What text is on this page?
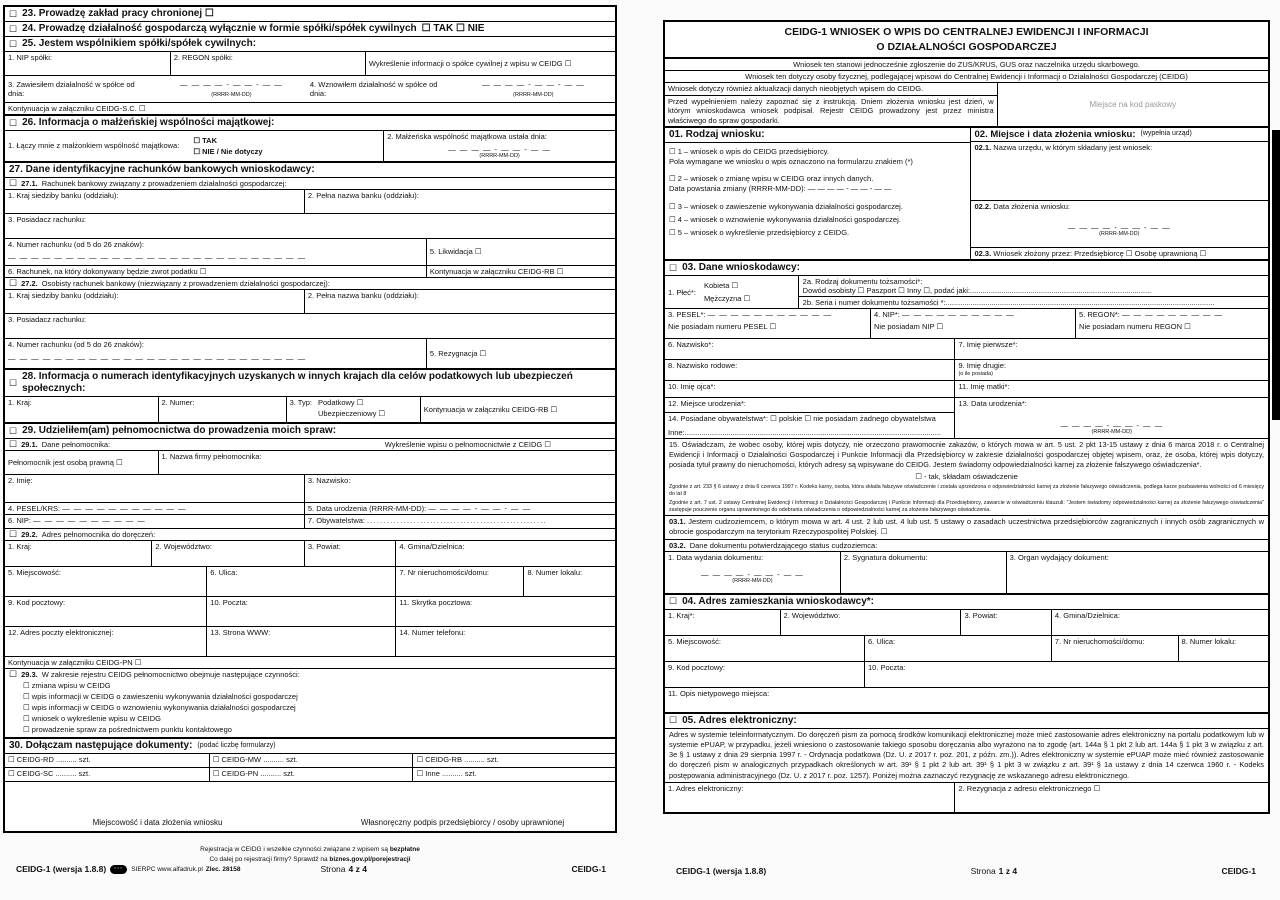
☐ 23. Prowadzę zakład pracy chronionej ☐
☐ 24. Prowadzę działalność gospodarczą wyłącznie w formie spółki/spółek cywilnych ☐ TAK ☐ NIE
☐ 25. Jestem wspólnikiem spółki/spółek cywilnych:
1. NIP spółki:	2. REGON spółki:
Wykreślenie informacji o spółce cywilnej z wpisu w CEIDG ☐
3. Zawiesiłem działalność w spółce od dnia:
— — — — - — — - — —
(RRRR-MM-DD)
4. Wznowiłem działalność w spółce od dnia:
— — — — - — — - — —
(RRRR-MM-DD)
Kontynuacja w załączniku CEIDG-S.C. ☐
☐ 26. Informacja o małżeńskiej wspólności majątkowej:
1. Łączy mnie z małżonkiem wspólność majątkowa:
☐ TAK
☐ NIE / Nie dotyczy
2. Małżeńska wspólność majątkowa ustała dnia:
— — — — - — — - — —
(RRRR-MM-DD)
27. Dane identyfikacyjne rachunków bankowych wnioskodawcy:
☐ 27.1. Rachunek bankowy związany z prowadzeniem działalności gospodarczej:
1. Kraj siedziby banku (oddziału):	2. Pełna nazwa banku (oddziału):
3. Posiadacz rachunku:
4. Numer rachunku (od 5 do 26 znaków):
— — — — — — — — — — — — — — — — — — — — — — — — — —
5. Likwidacja ☐
6. Rachunek, na który dokonywany będzie zwrot podatku ☐	Kontynuacja w załączniku CEIDG-RB ☐
☐ 27.2. Osobisty rachunek bankowy (niezwiązany z prowadzeniem działalności gospodarczej):
1. Kraj siedziby banku (oddziału):	2. Pełna nazwa banku (oddziału):
3. Posiadacz rachunku:
4. Numer rachunku (od 5 do 26 znaków):
— — — — — — — — — — — — — — — — — — — — — — — — — —
5. Rezygnacja ☐
☐
28. Informacja o numerach identyfikacyjnych uzyskanych w innych krajach dla celów podatkowych lub ubezpieczeń społecznych:
1. Kraj:	2. Numer:	3. Typ: Podatkowy ☐
Ubezpieczeniowy ☐
Kontynuacja w załączniku CEIDG-RB ☐
☐ 29. Udzieliłem(am) pełnomocnictwa do prowadzenia moich spraw:
☐ 29.1. Dane pełnomocnika:	Wykreślenie wpisu o pełnomocnictwie z CEIDG ☐
Pełnomocnik jest osobą prawną ☐
1. Nazwa firmy pełnomocnika:
2. Imię:	3. Nazwisko:
4. PESEL/KRS: — — — — — — — — — — —	5. Data urodzenia (RRRR-MM-DD): — — — — - — — - — —
6. NIP: — — — — — — — — — —	7. Obywatelstwa: . . . . . . . . . . . . . . . . . . . . . . . . . . . . . . . . . . . . . . . . . . . . . . . . . . . . . .
☐ 29.2. Adres pełnomocnika do doręczeń:
1. Kraj:	2. Województwo:	3. Powiat:	4. Gmina/Dzielnica:
5. Miejscowość:	6. Ulica:	7. Nr nieruchomości/domu:	8. Numer lokalu:
9. Kod pocztowy:	10. Poczta:	11. Skrytka pocztowa:
12. Adres poczty elektronicznej:	13. Strona WWW:	14. Numer telefonu:
Kontynuacja w załączniku CEIDG-PN ☐
☐ 29.3. W zakresie rejestru CEIDG pełnomocnictwo obejmuje następujące czynności:
☐ zmiana wpisu w CEIDG
☐ wpis informacji w CEIDG o zawieszeniu wykonywania działalności gospodarczej
☐ wpis informacji w CEIDG o wznowieniu wykonywania działalności gospodarczej
☐ wniosek o wykreślenie wpisu w CEIDG
☐ prowadzenie spraw za pośrednictwem punktu kontaktowego
30. Dołączam następujące dokumenty: (podać liczbę formularzy)
☐ CEIDG-RD .......... szt.	☐ CEIDG-MW .......... szt.	☐ CEIDG-RB .......... szt.
☐ CEIDG-SC .......... szt.	☐ CEIDG-PN .......... szt.	☐ Inne .......... szt.
Miejscowość i data złożenia wniosku	Własnoręczny podpis przedsiębiorcy / osoby uprawnionej
Rejestracja w CEIDG i wszelkie czynności związane z wpisem są bezpłatne
Co dalej po rejestracji firmy? Sprawdź na biznes.gov.pl/porejestracji
CEIDG-1 (wersja 1.8.8)	···	SIERPC www.alfadruk.pl Zlec. 28158	Strona 4 z 4	CEIDG-1
CEIDG-1 WNIOSEK O WPIS DO CENTRALNEJ EWIDENCJI I INFORMACJI
O DZIAŁALNOŚCI GOSPODARCZEJ
Wniosek ten stanowi jednocześnie zgłoszenie do ZUS/KRUS, GUS oraz naczelnika urzędu skarbowego.
Wniosek ten dotyczy osoby fizycznej, podlegającej wpisowi do Centralnej Ewidencji i Informacji o Działalności Gospodarczej (CEIDG)
Wniosek dotyczy również aktualizacji danych nieobjętych wpisem do CEIDG.
Przed wypełnieniem należy zapoznać się z instrukcją. Dniem złożenia wniosku jest dzień, w którym wnioskodawca wniosek podpisał. Rejestr CEIDG prowadzony jest przez ministra właściwego do spraw gospodarki.
Miejsce na kod paskowy
01. Rodzaj wniosku:
☐ 1 – wniosek o wpis do CEIDG przedsiębiorcy.
Pola wymagane we wniosku o wpis oznaczono na formularzu znakiem (*)
☐ 2 – wniosek o zmianę wpisu w CEIDG oraz innych danych.
Data powstania zmiany (RRRR-MM-DD): — — — — - — — - — —
☐ 3 – wniosek o zawieszenie wykonywania działalności gospodarczej.
☐ 4 – wniosek o wznowienie wykonywania działalności gospodarczej.
☐ 5 – wniosek o wykreślenie przedsiębiorcy z CEIDG.
02. Miejsce i data złożenia wniosku: (wypełnia urząd)
02.1. Nazwa urzędu, w którym składany jest wniosek:
02.2. Data złożenia wniosku:
— — — — - — — - — —
(RRRR-MM-DD)
02.3. Wniosek złożony przez: Przedsiębiorcę ☐ Osobę uprawnioną ☐
☐ 03. Dane wnioskodawcy:
1. Płeć*:
Kobieta ☐
Mężczyzna ☐
2a. Rodzaj dokumentu tożsamości*:
Dowód osobisty ☐ Paszport ☐ Inny ☐, podać jaki:.......................................................................................
2b. Seria i numer dokumentu tożsamości *:.................................................................................................................................
3. PESEL*: — — — — — — — — — — —
Nie posiadam numeru PESEL ☐
4. NIP*: — — — — — — — — — —
Nie posiadam NIP ☐
5. REGON*: — — — — — — — — —
Nie posiadam numeru REGON ☐
6. Nazwisko*:	7. Imię pierwsze*:
8. Nazwisko rodowe:	9. Imię drugie:
(o ile posiada)
10. Imię ojca*:	11. Imię matki*:
12. Miejsce urodzenia*:
14. Posiadane obywatelstwa*: ☐ polskie ☐ nie posiadam żadnego obywatelstwa
Inne:...........................................................................................................................
13. Data urodzenia*:
— — — — - — — - — —
(RRRR-MM-DD)
15. Oświadczam, że wobec osoby, której wpis dotyczy, nie orzeczono prawomocnie zakazów, o których mowa w art. 5 ust. 2 pkt 13-15 ustawy z dnia 6 marca 2018 r. o Centralnej Ewidencji i Informacji o Działalności Gospodarczej i Punkcie Informacji dla Przedsiębiorcy w zakresie działalności gospodarczej objętej wpisem, oraz, że osoba, której wpis dotyczy, posiada tytuł prawny do nieruchomości, których adresy są wpisywane do CEIDG. Jestem świadomy odpowiedzialności karnej za złożenie fałszywego oświadczenia*.
☐ - tak, składam oświadczenie
Zgodnie z art. 233 § 6 ustawy z dnia 6 czerwca 1997 r. Kodeks karny, osoba, która składa fałszywe oświadczenie i została uprzedzona o odpowiedzialności karnej za złożenie fałszywego oświadczenia, podlega karze pozbawienia wolności od 6 miesięcy do lat 8
Zgodnie z art. 7 ust. 2 ustawy Centralnej Ewidencji i Informacji o Działalności Gospodarczej i Punkcie Informacji dla Przedsiębiorcy, zawarcie w oświadczeniu klauzuli: "Jestem świadomy odpowiedzialności karnej za złożenie fałszywego oświadczenia" zastępuje pouczenie organu uprawnionego do odebrania oświadczenia o odpowiedzialności karnej za złożenie fałszywego oświadczenia.
03.1. Jestem cudzoziemcem, o którym mowa w art. 4 ust. 2 lub ust. 4 lub ust. 5 ustawy o zasadach uczestnictwa przedsiębiorców zagranicznych i innych osób zagranicznych w obrocie gospodarczym na terytorium Rzeczypospolitej Polskiej. ☐
03.2. Dane dokumentu potwierdzającego status cudzoziemca:
1. Data wydania dokumentu:
— — — — - — — - — —
(RRRR-MM-DD)
2. Sygnatura dokumentu:	3. Organ wydający dokument:
☐ 04. Adres zamieszkania wnioskodawcy*:
1. Kraj*:	2. Województwo:	3. Powiat:	4. Gmina/Dzielnica:
5. Miejscowość:	6. Ulica:	7. Nr nieruchomości/domu:	8. Numer lokalu:
9. Kod pocztowy:	10. Poczta:
11. Opis nietypowego miejsca:
☐ 05. Adres elektroniczny:
Adres w systemie teleinformatycznym. Do doręczeń pism za pomocą środków komunikacji elektronicznej może mieć zastosowanie adres elektroniczny na portalu podatkowym lub w systemie ePUAP, w przypadku, jeżeli wniesiono o zastosowanie takiego sposobu doręczania albo wyrażono na to zgodę (art. 144a § 1 pkt 2 lub art. 144a § 1 pkt 3 w związku z art. 3e § 1 ustawy z dnia 29 sierpnia 1997 r. - Ordynacja podatkowa (Dz. U. z 2017 r. poz. 201, z późn. zm.)). Adres elektroniczny w systemie ePUAP może mieć również zastosowanie do doręczeń pism w analogicznych przypadkach określonych w art. 39¹ § 1 pkt 2 lub art. 39¹ § 1 pkt 3 w związku z art. 39¹ § 1a ustawy z dnia 14 czerwca 1960 r. - Kodeks postępowania administracyjnego (Dz. U. z 2017 r. poz. 1257). Poniżej można zaznaczyć rezygnację ze wskazanego adresu elektronicznego.
1. Adres elektroniczny:	2. Rezygnacja z adresu elektronicznego ☐
CEIDG-1 (wersja 1.8.8)	Strona 1 z 4	CEIDG-1
